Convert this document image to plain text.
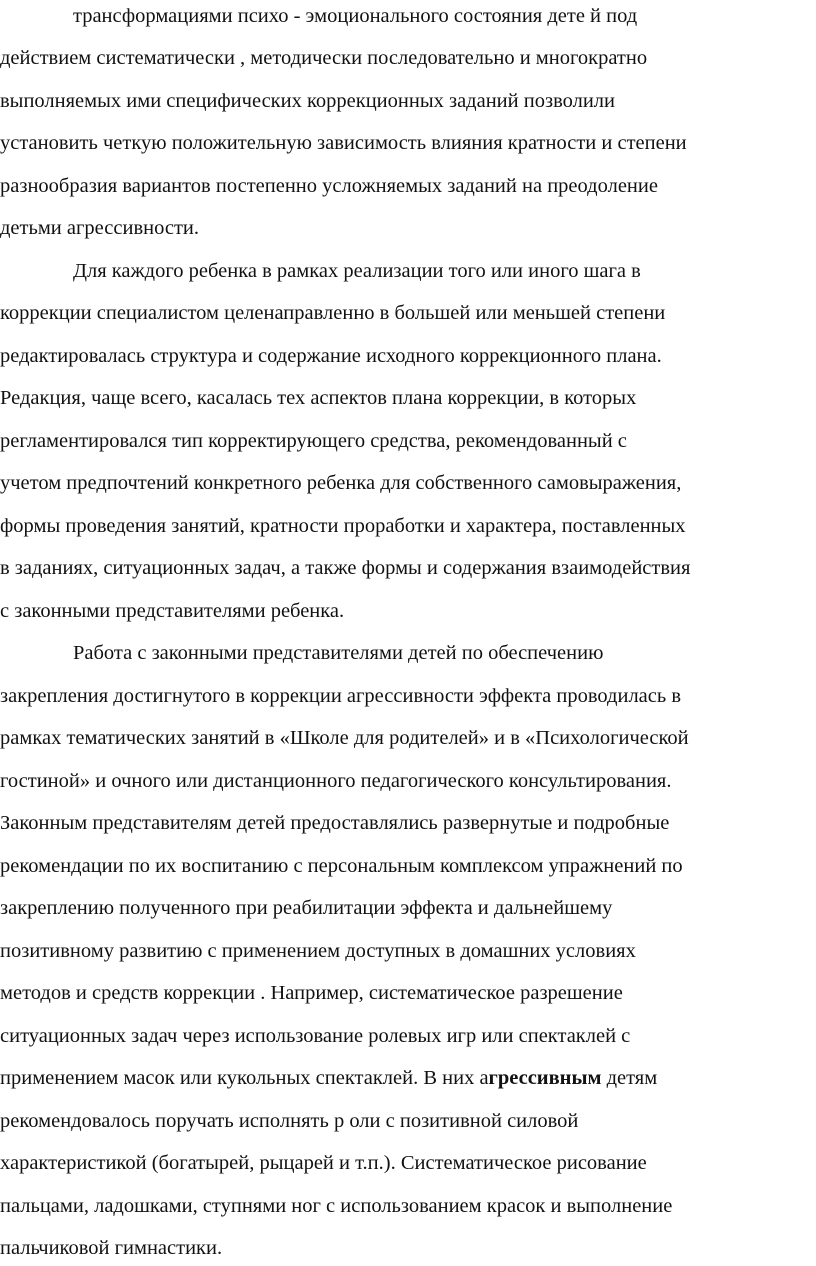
трансформациями психо - эмоционального состояния дете й под
действием систематически , методически последовательно и многократно
выполняемых ими специфических коррекционных заданий позволили
установить четкую положительную зависимость влияния кратности и степени
разнообразия вариантов постепенно усложняемых заданий на преодоление
детьми агрессивности.
Для каждого ребенка в рамках реализации того или иного шага в
коррекции специалистом целенаправленно в большей или меньшей степени
редактировалась структура и содержание исходного коррекционного плана.
Редакция, чаще всего, касалась тех аспектов плана коррекции, в которых
регламентировался тип корректирующего средства, рекомендованный с
учетом предпочтений конкретного ребенка для собственного самовыражения,
формы проведения занятий, кратности проработки и характера, поставленных
в заданиях, ситуационных задач, а также формы и содержания взаимодействия
с законными представителями ребенка.
Работа с законными представителями детей по обеспечению
закрепления достигнутого в коррекции агрессивности эффекта проводилась в
рамках тематических занятий в «Школе для родителей» и в «Психологической
гостиной» и очного или дистанционного педагогического консультирования.
Законным представителям детей предоставлялись развернутые и подробные
рекомендации по их воспитанию с персональным комплексом упражнений по
закреплению полученного при реабилитации эффекта и дальнейшему
позитивному развитию с применением доступных в домашних условиях
методов и средств коррекции . Например, систематическое разрешение
ситуационных задач через использование ролевых игр или спектаклей с
применением масок или кукольных спектаклей. В них агрессивным детям
рекомендовалось поручать исполнять р оли с позитивной силовой
характеристикой (богатырей, рыцарей и т.п.). Систематическое рисование
пальцами, ладошками, ступнями ног с использованием красок и выполнение
пальчиковой гимнастики.
